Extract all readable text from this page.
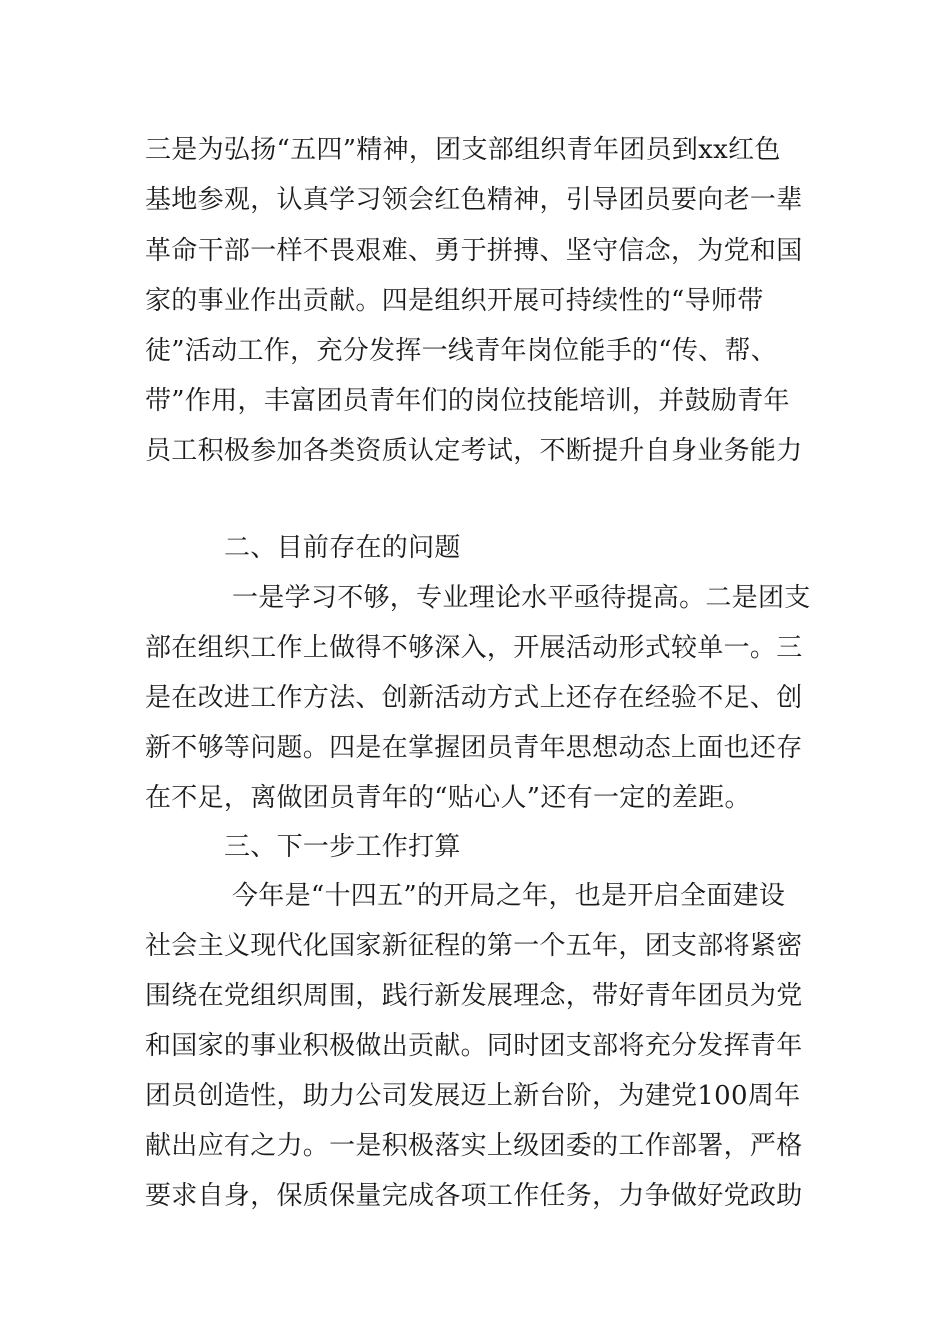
三是为弘扬“五四”精神，团支部组织青年团员到xx红色
基地参观，认真学习领会红色精神，引导团员要向老一辈
革命干部一样不畏艰难、勇于拼搏、坚守信念，为党和国
家的事业作出贡献。四是组织开展可持续性的“导师带
徒”活动工作，充分发挥一线青年岗位能手的“传、帮、
带”作用，丰富团员青年们的岗位技能培训，并鼓励青年
员工积极参加各类资质认定考试，不断提升自身业务能力
二、目前存在的问题
一是学习不够，专业理论水平亟待提高。二是团支
部在组织工作上做得不够深入，开展活动形式较单一。三
是在改进工作方法、创新活动方式上还存在经验不足、创
新不够等问题。四是在掌握团员青年思想动态上面也还存
在不足，离做团员青年的“贴心人”还有一定的差距。
三、下一步工作打算
今年是“十四五”的开局之年，也是开启全面建设
社会主义现代化国家新征程的第一个五年，团支部将紧密
围绕在党组织周围，践行新发展理念，带好青年团员为党
和国家的事业积极做出贡献。同时团支部将充分发挥青年
团员创造性，助力公司发展迈上新台阶，为建党100周年
献出应有之力。一是积极落实上级团委的工作部署，严格
要求自身，保质保量完成各项工作任务，力争做好党政助
